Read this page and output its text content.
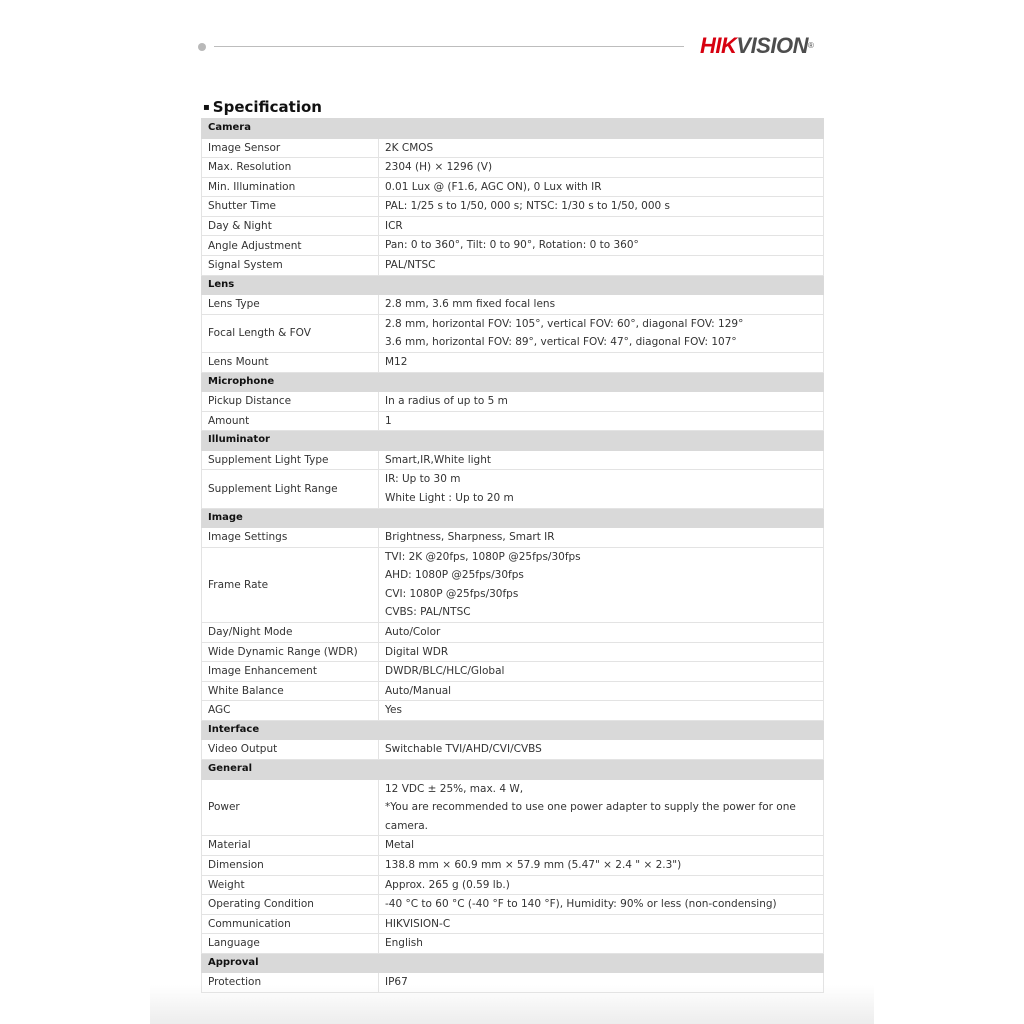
HIKVISION®
▪ Specification
Camera	
Image Sensor	2K CMOS

Max. Resolution	2304 (H) × 1296 (V)

Min. Illumination	0.01 Lux @ (F1.6, AGC ON), 0 Lux with IR

Shutter Time	PAL: 1/25 s to 1/50, 000 s; NTSC: 1/30 s to 1/50, 000 s

Day & Night	ICR

Angle Adjustment	Pan: 0 to 360°, Tilt: 0 to 90°, Rotation: 0 to 360°

Signal System	PAL/NTSC

Lens	
Lens Type	2.8 mm, 3.6 mm fixed focal lens

Focal Length & FOV	2.8 mm, horizontal FOV: 105°, vertical FOV: 60°, diagonal FOV: 129°
3.6 mm, horizontal FOV: 89°, vertical FOV: 47°, diagonal FOV: 107°

Lens Mount	M12

Microphone	
Pickup Distance	In a radius of up to 5 m

Amount	1

Illuminator	
Supplement Light Type	Smart,IR,White light

Supplement Light Range	IR: Up to 30 m
White Light : Up to 20 m

Image	
Image Settings	Brightness, Sharpness, Smart IR

Frame Rate	TVI: 2K @20fps, 1080P @25fps/30fps
AHD: 1080P @25fps/30fps
CVI: 1080P @25fps/30fps
CVBS: PAL/NTSC

Day/Night Mode	Auto/Color

Wide Dynamic Range (WDR)	Digital WDR

Image Enhancement	DWDR/BLC/HLC/Global

White Balance	Auto/Manual

AGC	Yes

Interface	
Video Output	Switchable TVI/AHD/CVI/CVBS

General	
Power	12 VDC ± 25%, max. 4 W,
*You are recommended to use one power adapter to supply the power for one
camera.

Material	Metal

Dimension	138.8 mm × 60.9 mm × 57.9 mm (5.47" × 2.4 " × 2.3")

Weight	Approx. 265 g (0.59 lb.)

Operating Condition	-40 °C to 60 °C (-40 °F to 140 °F), Humidity: 90% or less (non-condensing)

Communication	HIKVISION-C

Language	English

Approval	
Protection	IP67
